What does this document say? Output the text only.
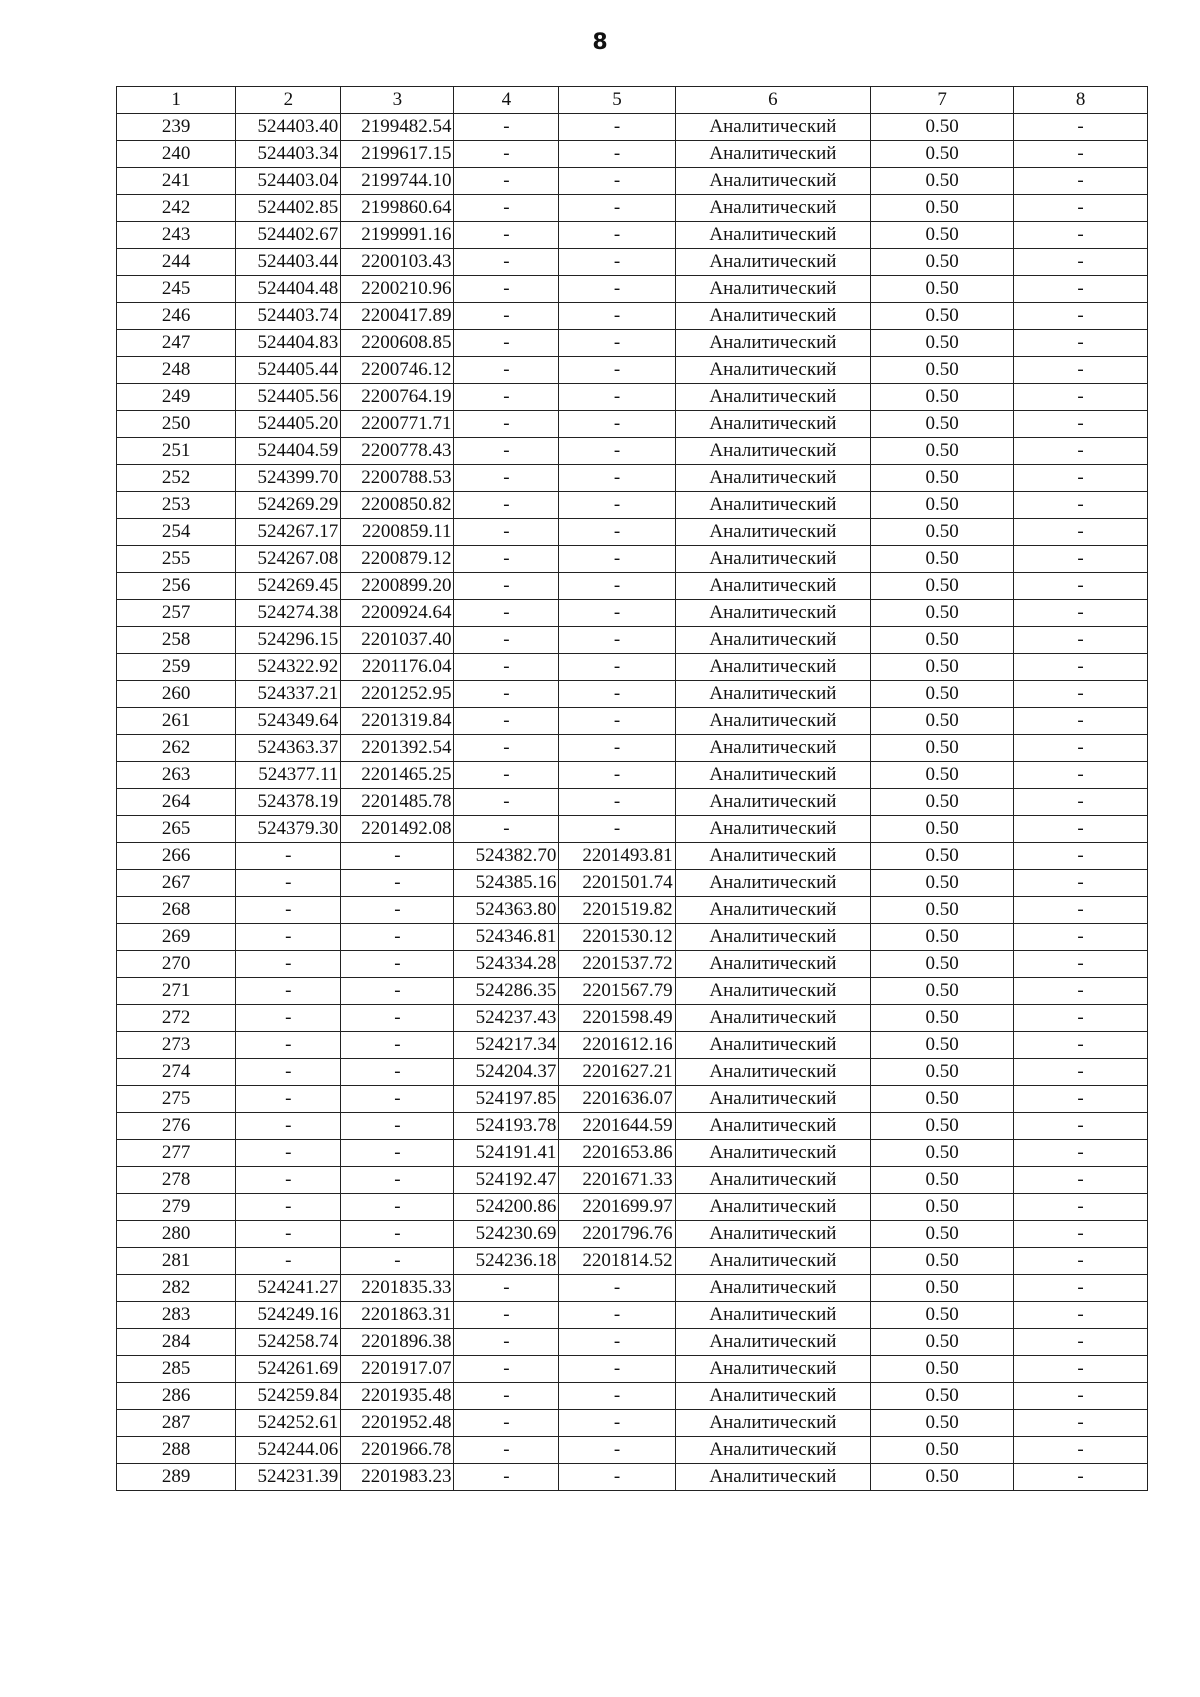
8
1	2	3	4	5	6	7	8
239	524403.40	2199482.54	-	-	Аналитический	0.50	-
240	524403.34	2199617.15	-	-	Аналитический	0.50	-
241	524403.04	2199744.10	-	-	Аналитический	0.50	-
242	524402.85	2199860.64	-	-	Аналитический	0.50	-
243	524402.67	2199991.16	-	-	Аналитический	0.50	-
244	524403.44	2200103.43	-	-	Аналитический	0.50	-
245	524404.48	2200210.96	-	-	Аналитический	0.50	-
246	524403.74	2200417.89	-	-	Аналитический	0.50	-
247	524404.83	2200608.85	-	-	Аналитический	0.50	-
248	524405.44	2200746.12	-	-	Аналитический	0.50	-
249	524405.56	2200764.19	-	-	Аналитический	0.50	-
250	524405.20	2200771.71	-	-	Аналитический	0.50	-
251	524404.59	2200778.43	-	-	Аналитический	0.50	-
252	524399.70	2200788.53	-	-	Аналитический	0.50	-
253	524269.29	2200850.82	-	-	Аналитический	0.50	-
254	524267.17	2200859.11	-	-	Аналитический	0.50	-
255	524267.08	2200879.12	-	-	Аналитический	0.50	-
256	524269.45	2200899.20	-	-	Аналитический	0.50	-
257	524274.38	2200924.64	-	-	Аналитический	0.50	-
258	524296.15	2201037.40	-	-	Аналитический	0.50	-
259	524322.92	2201176.04	-	-	Аналитический	0.50	-
260	524337.21	2201252.95	-	-	Аналитический	0.50	-
261	524349.64	2201319.84	-	-	Аналитический	0.50	-
262	524363.37	2201392.54	-	-	Аналитический	0.50	-
263	524377.11	2201465.25	-	-	Аналитический	0.50	-
264	524378.19	2201485.78	-	-	Аналитический	0.50	-
265	524379.30	2201492.08	-	-	Аналитический	0.50	-
266	-	-	524382.70	2201493.81	Аналитический	0.50	-
267	-	-	524385.16	2201501.74	Аналитический	0.50	-
268	-	-	524363.80	2201519.82	Аналитический	0.50	-
269	-	-	524346.81	2201530.12	Аналитический	0.50	-
270	-	-	524334.28	2201537.72	Аналитический	0.50	-
271	-	-	524286.35	2201567.79	Аналитический	0.50	-
272	-	-	524237.43	2201598.49	Аналитический	0.50	-
273	-	-	524217.34	2201612.16	Аналитический	0.50	-
274	-	-	524204.37	2201627.21	Аналитический	0.50	-
275	-	-	524197.85	2201636.07	Аналитический	0.50	-
276	-	-	524193.78	2201644.59	Аналитический	0.50	-
277	-	-	524191.41	2201653.86	Аналитический	0.50	-
278	-	-	524192.47	2201671.33	Аналитический	0.50	-
279	-	-	524200.86	2201699.97	Аналитический	0.50	-
280	-	-	524230.69	2201796.76	Аналитический	0.50	-
281	-	-	524236.18	2201814.52	Аналитический	0.50	-
282	524241.27	2201835.33	-	-	Аналитический	0.50	-
283	524249.16	2201863.31	-	-	Аналитический	0.50	-
284	524258.74	2201896.38	-	-	Аналитический	0.50	-
285	524261.69	2201917.07	-	-	Аналитический	0.50	-
286	524259.84	2201935.48	-	-	Аналитический	0.50	-
287	524252.61	2201952.48	-	-	Аналитический	0.50	-
288	524244.06	2201966.78	-	-	Аналитический	0.50	-
289	524231.39	2201983.23	-	-	Аналитический	0.50	-
